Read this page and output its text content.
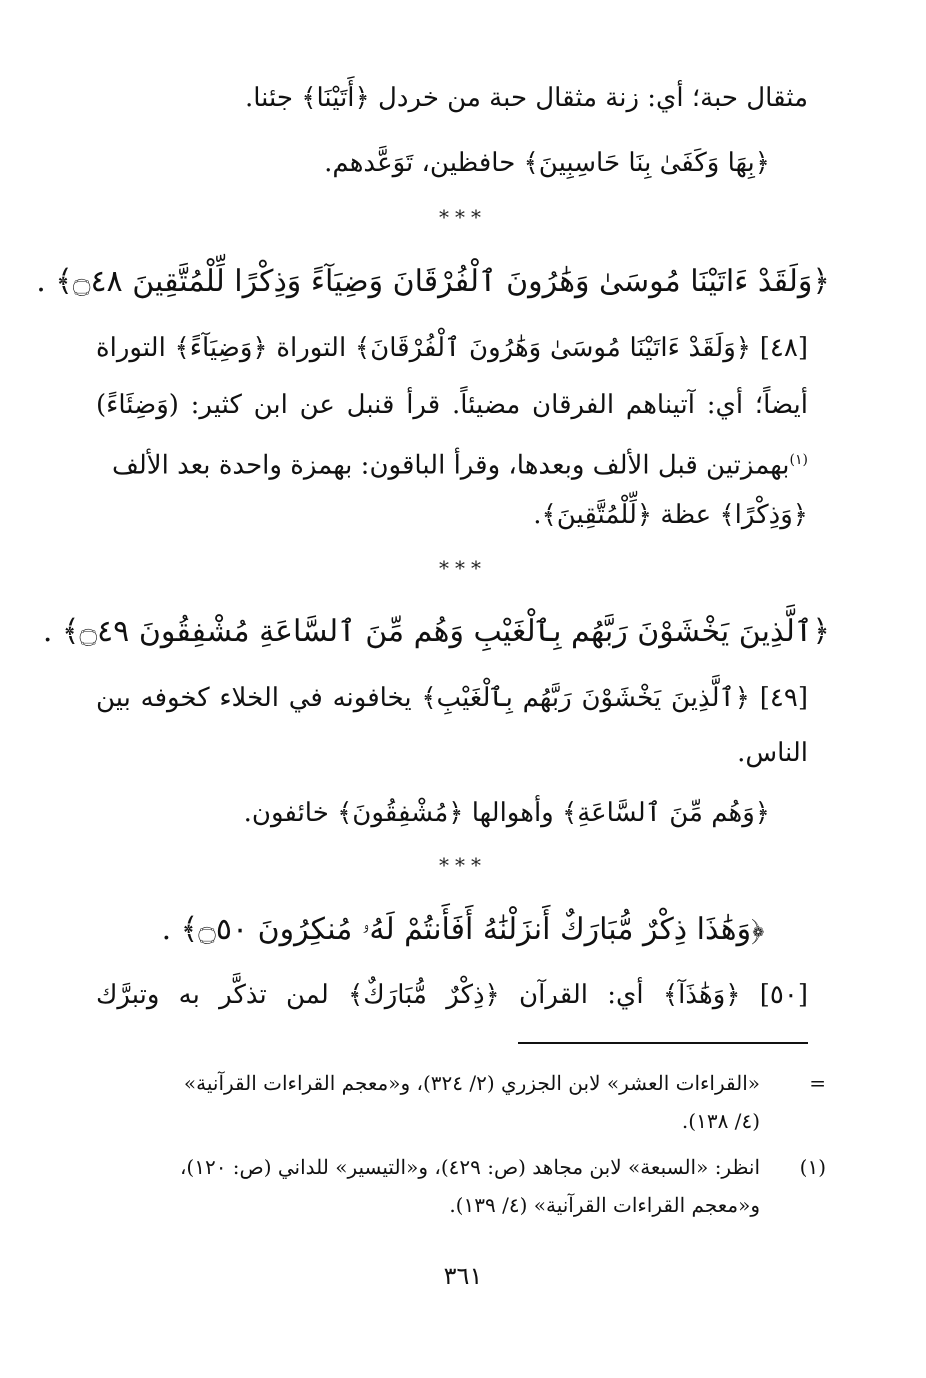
مثقال حبة؛ أي: زنة مثقال حبة من خردل ﴿أَتَيْنَا﴾ جئنا.
﴿بِهَا وَكَفَىٰ بِنَا حَاسِبِينَ﴾ حافظين، تَوَعَّدهم.
***
﴿وَلَقَدْ ءَاتَيْنَا مُوسَىٰ وَهَٰرُونَ ٱلْفُرْقَانَ وَضِيَآءً وَذِكْرًا لِّلْمُتَّقِينَ ۝٤٨﴾ .
[٤٨] ﴿وَلَقَدْ ءَاتَيْنَا مُوسَىٰ وَهَٰرُونَ ٱلْفُرْقَانَ﴾ التوراة ﴿وَضِيَآءً﴾ التوراة
أيضاً؛ أي: آتيناهم الفرقان مضيئاً. قرأ قنبل عن ابن كثير: (وَضِئَاءً)
$^{(١)}$بهمزتين قبل الألف وبعدها، وقرأ الباقون: بهمزة واحدة بعد الألف
﴿وَذِكْرًا﴾ عظة ﴿لِّلْمُتَّقِينَ﴾.
***
﴿ٱلَّذِينَ يَخْشَوْنَ رَبَّهُم بِٱلْغَيْبِ وَهُم مِّنَ ٱلسَّاعَةِ مُشْفِقُونَ ۝٤٩﴾ .
[٤٩] ﴿ٱلَّذِينَ يَخْشَوْنَ رَبَّهُم بِٱلْغَيْبِ﴾ يخافونه في الخلاء كخوفه بين
الناس.
﴿وَهُم مِّنَ ٱلسَّاعَةِ﴾ وأهوالها ﴿مُشْفِقُونَ﴾ خائفون.
***
﴿وَهَٰذَا ذِكْرٌ مُّبَارَكٌ أَنزَلْنَٰهُ أَفَأَنتُمْ لَهُۥ مُنكِرُونَ ۝٥٠﴾ .
[٥٠] ﴿وَهَٰذَآ﴾ أي: القرآن ﴿ذِكْرٌ مُّبَارَكٌ﴾ لمن تذكَّر به وتبرَّك
=
«القراءات العشر» لابن الجزري (٢/ ٣٢٤)، و«معجم القراءات القرآنية»
(٤/ ١٣٨).
(١)
انظر: «السبعة» لابن مجاهد (ص: ٤٢٩)، و«التيسير» للداني (ص: ١٢٠)،
و«معجم القراءات القرآنية» (٤/ ١٣٩).
٣٦١
